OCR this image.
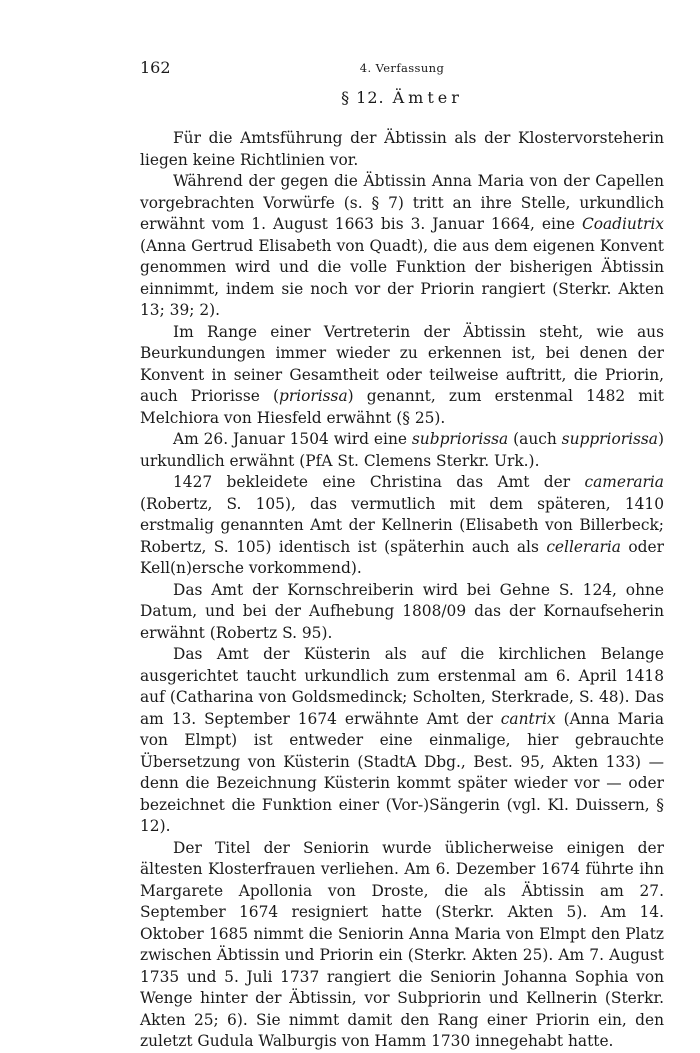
162	4. Verfassung
§ 12. Ämter

Für die Amtsführung der Äbtissin als der Klostervorsteherin liegen keine Richtlinien vor.

Während der gegen die Äbtissin Anna Maria von der Capellen vorgebrachten Vorwürfe (s. § 7) tritt an ihre Stelle, urkundlich erwähnt vom 1. August 1663 bis 3. Januar 1664, eine Coadiutrix (Anna Gertrud Elisabeth von Quadt), die aus dem eigenen Konvent genommen wird und die volle Funktion der bisherigen Äbtissin einnimmt, indem sie noch vor der Priorin rangiert (Sterkr. Akten 13; 39; 2).

Im Range einer Vertreterin der Äbtissin steht, wie aus Beurkundungen immer wieder zu erkennen ist, bei denen der Konvent in seiner Gesamtheit oder teilweise auftritt, die Priorin, auch Priorisse (priorissa) genannt, zum erstenmal 1482 mit Melchiora von Hiesfeld erwähnt (§ 25).

Am 26. Januar 1504 wird eine subpriorissa (auch suppriorissa) urkundlich erwähnt (PfA St. Clemens Sterkr. Urk.).

1427 bekleidete eine Christina das Amt der cameraria (Robertz, S. 105), das vermutlich mit dem späteren, 1410 erstmalig genannten Amt der Kellnerin (Elisabeth von Billerbeck; Robertz, S. 105) identisch ist (späterhin auch als celleraria oder Kell(n)ersche vorkommend).

Das Amt der Kornschreiberin wird bei Gehne S. 124, ohne Datum, und bei der Aufhebung 1808/09 das der Kornaufseherin erwähnt (Robertz S. 95).

Das Amt der Küsterin als auf die kirchlichen Belange ausgerichtet taucht urkundlich zum erstenmal am 6. April 1418 auf (Catharina von Goldsmedinck; Scholten, Sterkrade, S. 48). Das am 13. September 1674 erwähnte Amt der cantrix (Anna Maria von Elmpt) ist entweder eine einmalige, hier gebrauchte Übersetzung von Küsterin (StadtA Dbg., Best. 95, Akten 133) — denn die Bezeichnung Küsterin kommt später wieder vor — oder bezeichnet die Funktion einer (Vor-)Sängerin (vgl. Kl. Duissern, § 12).

Der Titel der Seniorin wurde üblicherweise einigen der ältesten Klosterfrauen verliehen. Am 6. Dezember 1674 führte ihn Margarete Apollonia von Droste, die als Äbtissin am 27. September 1674 resigniert hatte (Sterkr. Akten 5). Am 14. Oktober 1685 nimmt die Seniorin Anna Maria von Elmpt den Platz zwischen Äbtissin und Priorin ein (Sterkr. Akten 25). Am 7. August 1735 und 5. Juli 1737 rangiert die Seniorin Johanna Sophia von Wenge hinter der Äbtissin, vor Subpriorin und Kellnerin (Sterkr. Akten 25; 6). Sie nimmt damit den Rang einer Priorin ein, den zuletzt Gudula Walburgis von Hamm 1730 innegehabt hatte.
